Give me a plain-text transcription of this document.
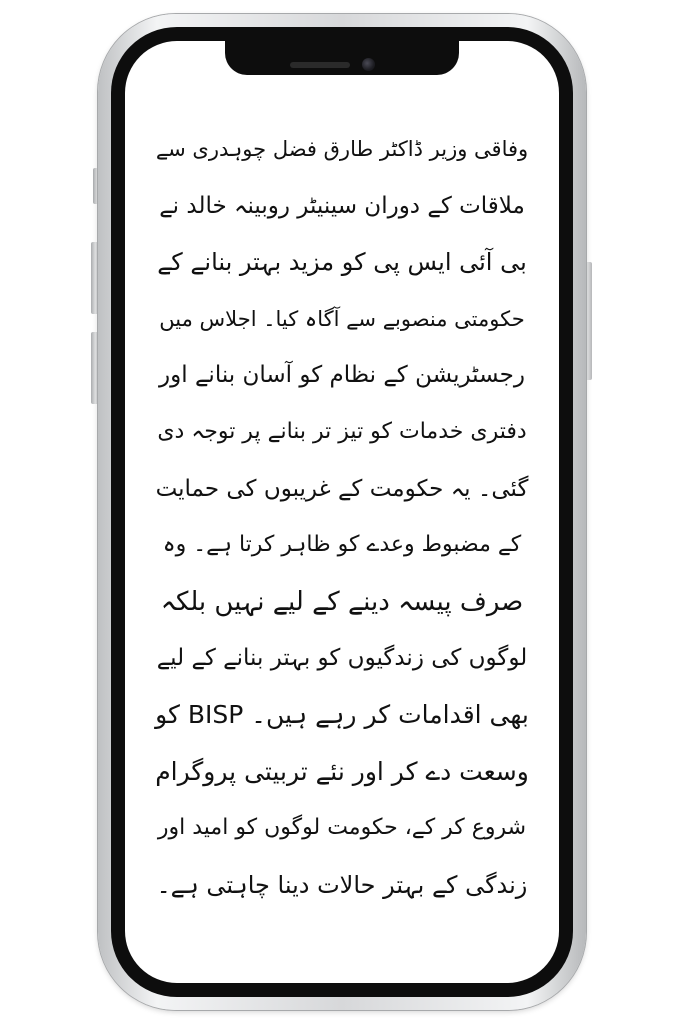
وفاقی وزیر ڈاکٹر طارق فضل چوہدری سے
ملاقات کے دوران سینیٹر روبینہ خالد نے
بی آئی ایس پی کو مزید بہتر بنانے کے
حکومتی منصوبے سے آگاہ کیا۔ اجلاس میں
رجسٹریشن کے نظام کو آسان بنانے اور
دفتری خدمات کو تیز تر بنانے پر توجہ دی
گئی۔ یہ حکومت کے غریبوں کی حمایت
کے مضبوط وعدے کو ظاہر کرتا ہے۔ وہ
صرف پیسہ دینے کے لیے نہیں بلکہ
لوگوں کی زندگیوں کو بہتر بنانے کے لیے
بھی اقدامات کر رہے ہیں۔ BISP کو
وسعت دے کر اور نئے تربیتی پروگرام
شروع کر کے، حکومت لوگوں کو امید اور
زندگی کے بہتر حالات دینا چاہتی ہے۔
